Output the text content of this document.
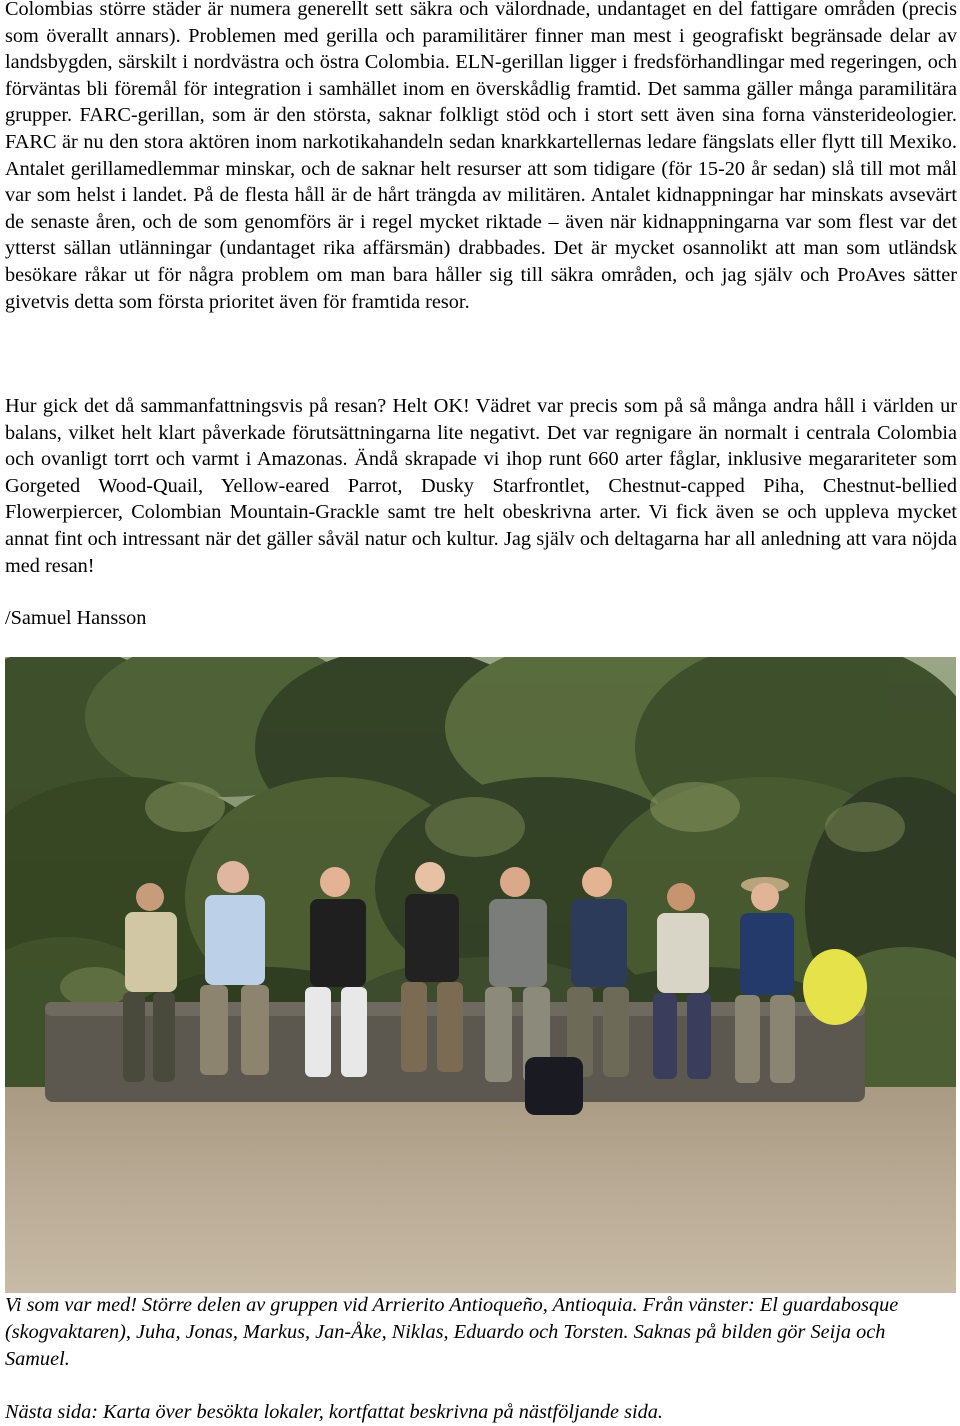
Colombias större städer är numera generellt sett säkra och välordnade, undantaget en del fattigare områden (precis som överallt annars). Problemen med gerilla och paramilitärer finner man mest i geografiskt begränsade delar av landsbygden, särskilt i nordvästra och östra Colombia. ELN-gerillan ligger i fredsförhandlingar med regeringen, och förväntas bli föremål för integration i samhället inom en överskådlig framtid. Det samma gäller många paramilitära grupper. FARC-gerillan, som är den största, saknar folkligt stöd och i stort sett även sina forna vänsterideologier. FARC är nu den stora aktören inom narkotikahandeln sedan knarkkartellernas ledare fängslats eller flytt till Mexiko. Antalet gerillamedlemmar minskar, och de saknar helt resurser att som tidigare (för 15-20 år sedan) slå till mot mål var som helst i landet. På de flesta håll är de hårt trängda av militären. Antalet kidnappningar har minskats avsevärt de senaste åren, och de som genomförs är i regel mycket riktade – även när kidnappningarna var som flest var det ytterst sällan utlänningar (undantaget rika affärsmän) drabbades. Det är mycket osannolikt att man som utländsk besökare råkar ut för några problem om man bara håller sig till säkra områden, och jag själv och ProAves sätter givetvis detta som första prioritet även för framtida resor.

Hur gick det då sammanfattningsvis på resan? Helt OK! Vädret var precis som på så många andra håll i världen ur balans, vilket helt klart påverkade förutsättningarna lite negativt. Det var regnigare än normalt i centrala Colombia och ovanligt torrt och varmt i Amazonas. Ändå skrapade vi ihop runt 660 arter fåglar, inklusive megarariteter som Gorgeted Wood-Quail, Yellow-eared Parrot, Dusky Starfrontlet, Chestnut-capped Piha, Chestnut-bellied Flowerpiercer, Colombian Mountain-Grackle samt tre helt obeskrivna arter. Vi fick även se och uppleva mycket annat fint och intressant när det gäller såväl natur och kultur. Jag själv och deltagarna har all anledning att vara nöjda med resan!

/Samuel Hansson

Vi som var med! Större delen av gruppen vid Arrierito Antioqueño, Antioquia. Från vänster: El guardabosque (skogvaktaren), Juha, Jonas, Markus, Jan-Åke, Niklas, Eduardo och Torsten. Saknas på bilden gör Seija och Samuel.

Nästa sida: Karta över besökta lokaler, kortfattat beskrivna på nästföljande sida.
